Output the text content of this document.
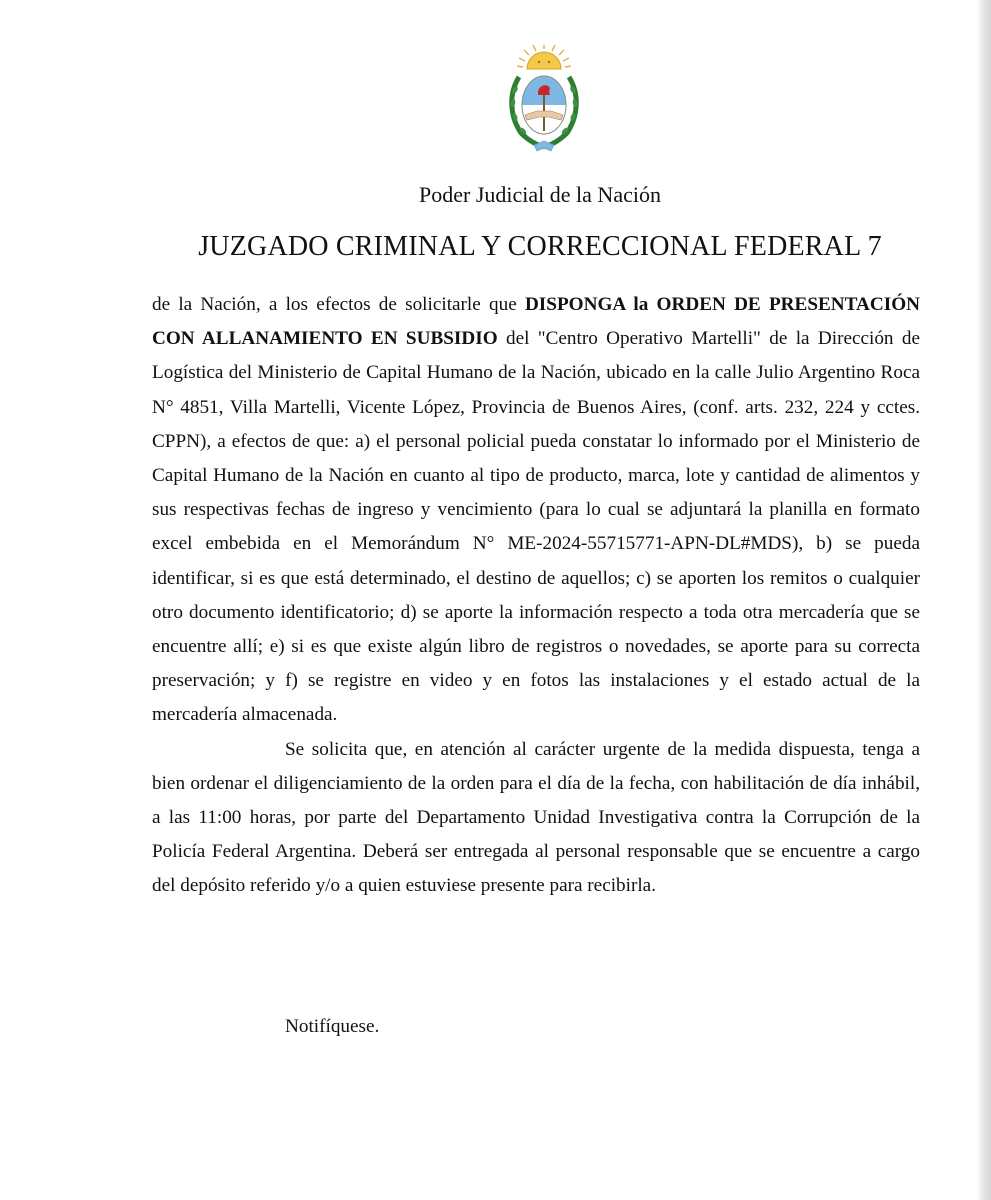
Poder Judicial de la Nación
JUZGADO CRIMINAL Y CORRECCIONAL FEDERAL 7

de la Nación, a los efectos de solicitarle que DISPONGA la ORDEN DE PRESENTACIÓN CON ALLANAMIENTO EN SUBSIDIO del "Centro Operativo Martelli" de la Dirección de Logística del Ministerio de Capital Humano de la Nación, ubicado en la calle Julio Argentino Roca N° 4851, Villa Martelli, Vicente López, Provincia de Buenos Aires, (conf. arts. 232, 224 y cctes. CPPN), a efectos de que: a) el personal policial pueda constatar lo informado por el Ministerio de Capital Humano de la Nación en cuanto al tipo de producto, marca, lote y cantidad de alimentos y sus respectivas fechas de ingreso y vencimiento (para lo cual se adjuntará la planilla en formato excel embebida en el Memorándum N° ME-2024-55715771-APN-DL#MDS), b) se pueda identificar, si es que está determinado, el destino de aquellos; c) se aporten los remitos o cualquier otro documento identificatorio; d) se aporte la información respecto a toda otra mercadería que se encuentre allí; e) si es que existe algún libro de registros o novedades, se aporte para su correcta preservación; y f) se registre en video y en fotos las instalaciones y el estado actual de la mercadería almacenada.

Se solicita que, en atención al carácter urgente de la medida dispuesta, tenga a bien ordenar el diligenciamiento de la orden para el día de la fecha, con habilitación de día inhábil, a las 11:00 horas, por parte del Departamento Unidad Investigativa contra la Corrupción de la Policía Federal Argentina. Deberá ser entregada al personal responsable que se encuentre a cargo del depósito referido y/o a quien estuviese presente para recibirla.

Notifíquese.
